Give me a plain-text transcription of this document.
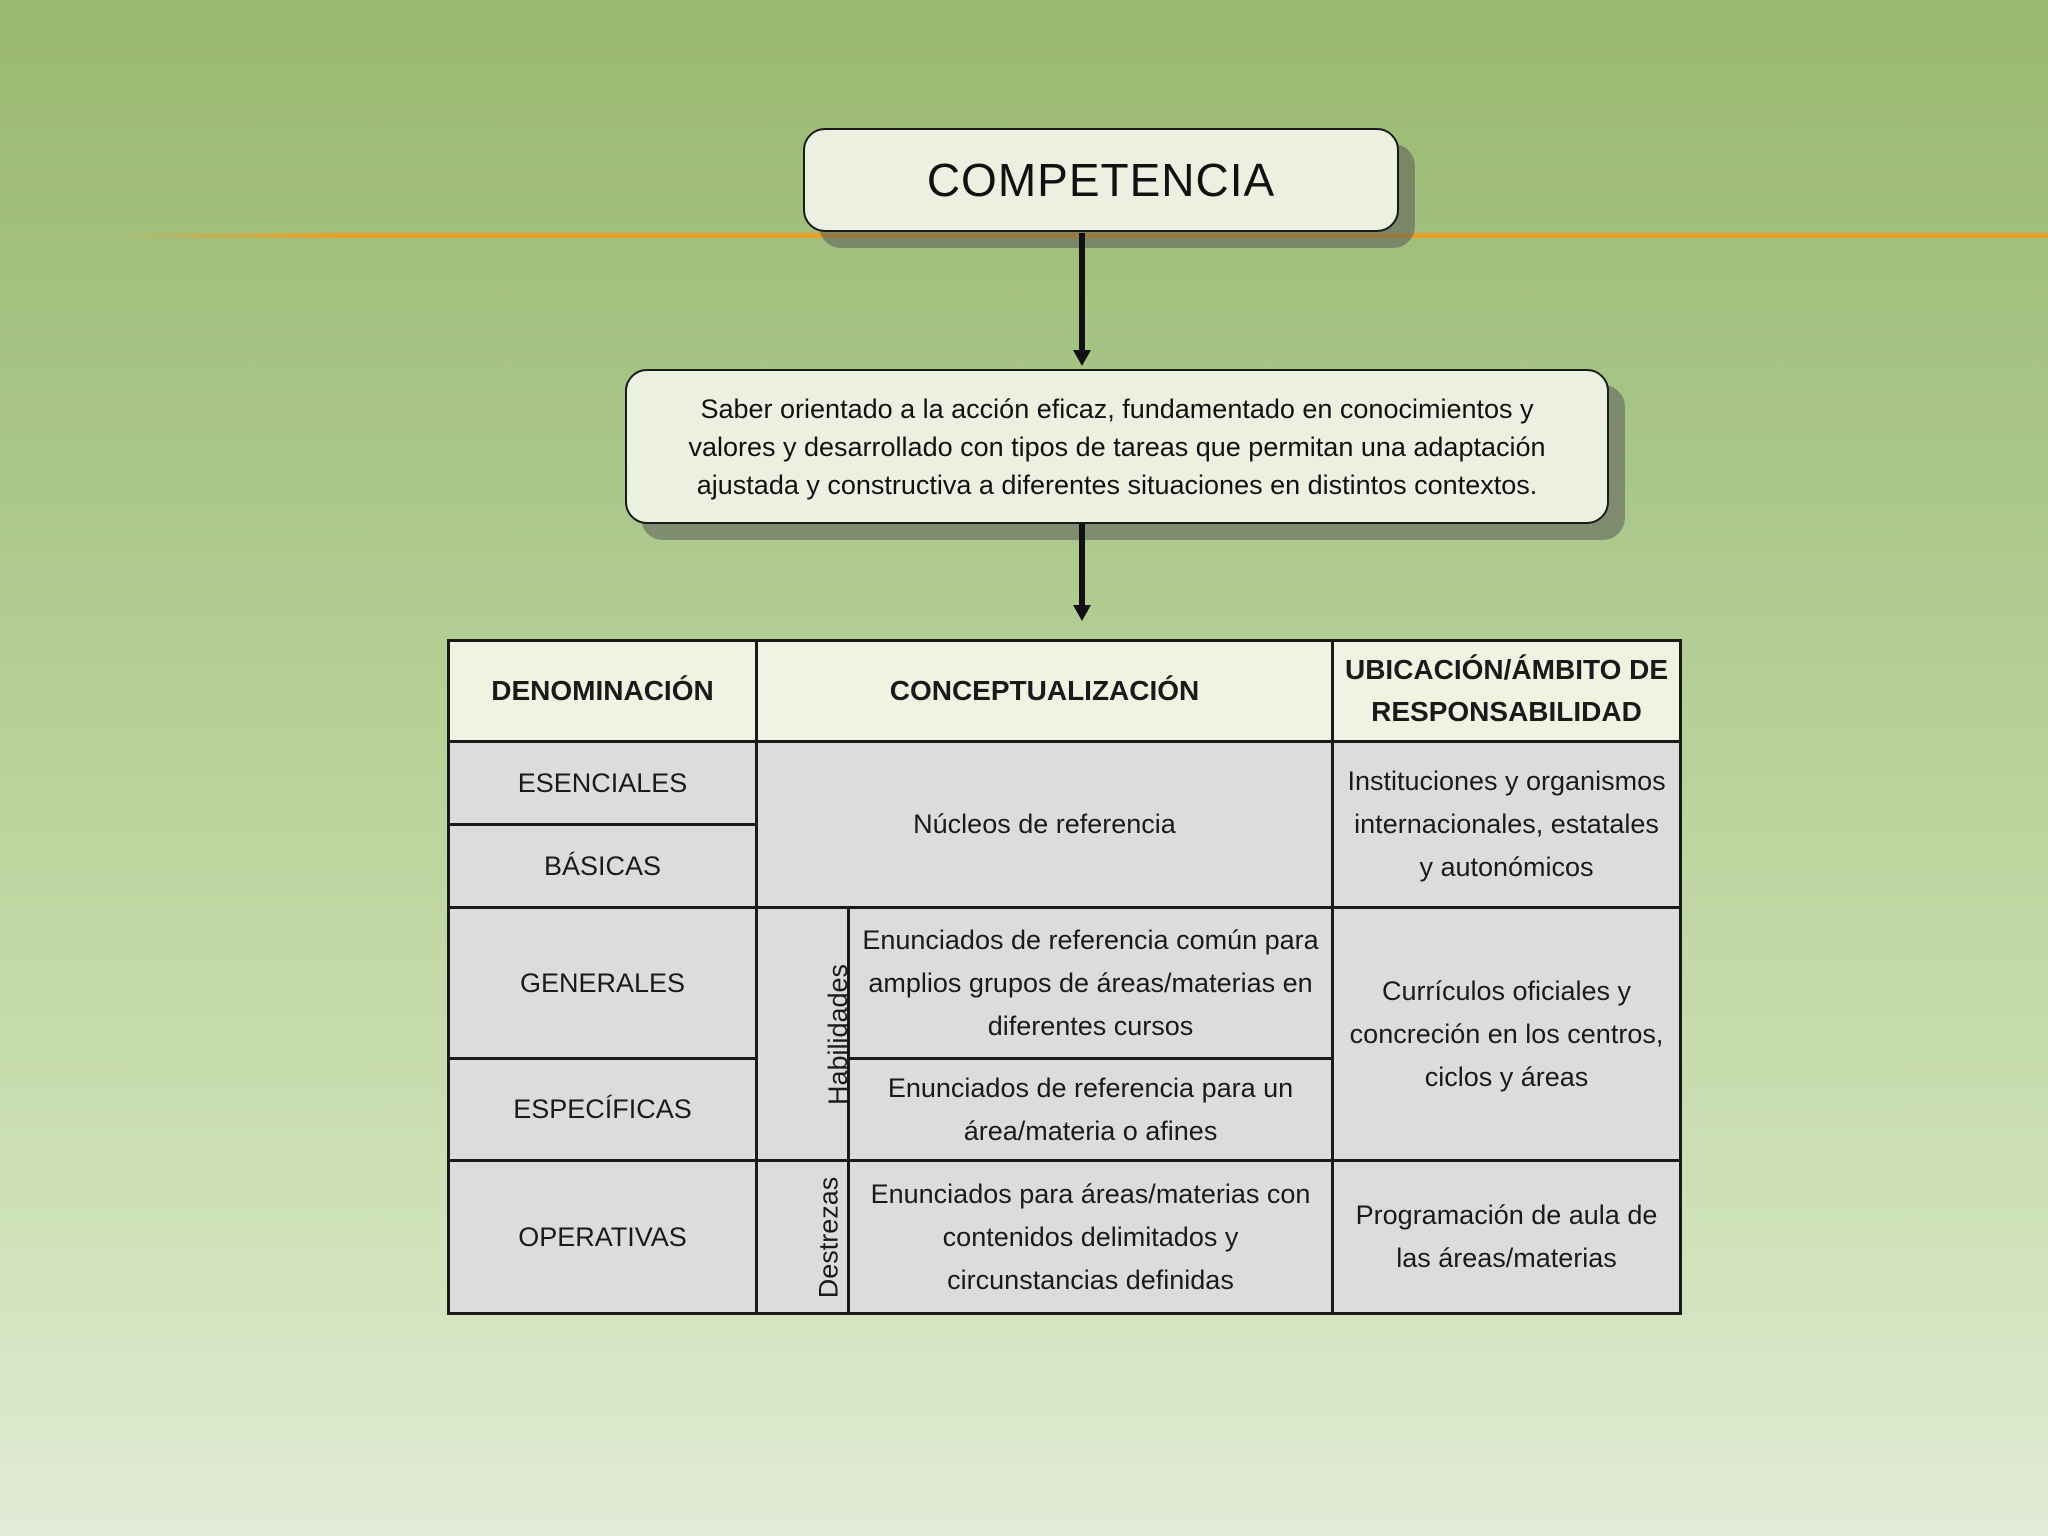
COMPETENCIA
Saber orientado a la acción eficaz, fundamentado en conocimientos y valores y desarrollado con tipos de tareas que permitan una adaptación ajustada y constructiva a diferentes situaciones en distintos contextos.
DENOMINACIÓN	CONCEPTUALIZACIÓN		UBICACIÓN/ÁMBITO DE RESPONSABILIDAD
ESENCIALES	Núcleos de referencia		Instituciones y organismos internacionales, estatales y autonómicos
BÁSICAS			
GENERALES	Habilidades	Enunciados de referencia común para amplios grupos de áreas/materias en diferentes cursos	Currículos oficiales y concreción en los centros, ciclos y áreas
ESPECÍFICAS		Enunciados de referencia para un área/materia o afines	
OPERATIVAS	Destrezas	Enunciados para áreas/materias con contenidos delimitados y circunstancias definidas	Programación de aula de las áreas/materias
